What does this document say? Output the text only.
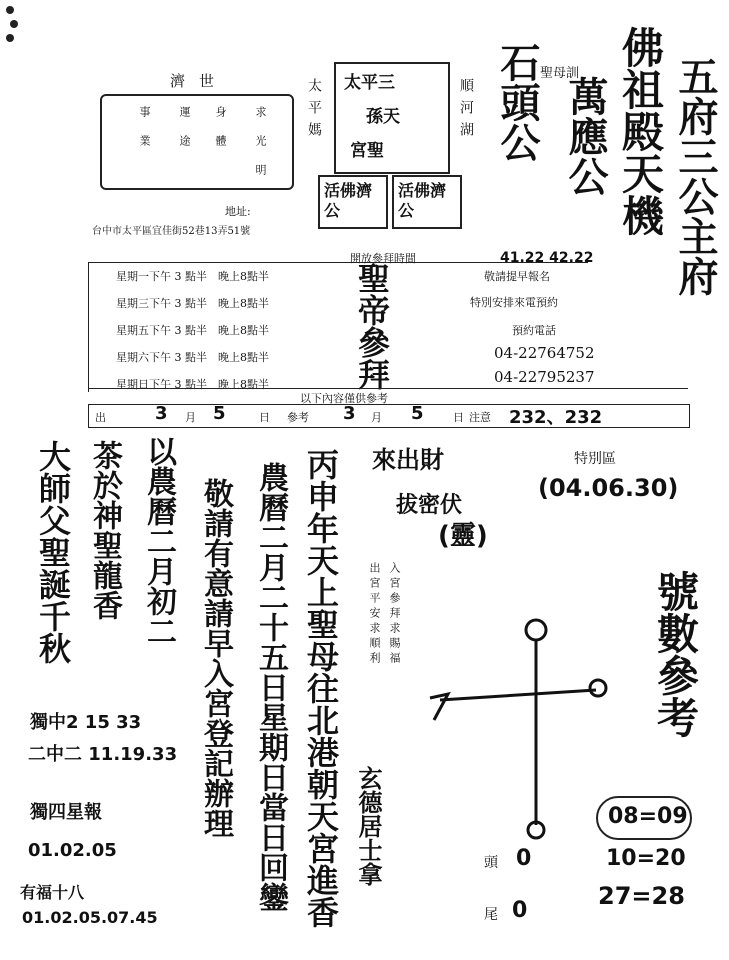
濟世
求光明
身體
運途
事業
地址:
台中市太平區宜佳街52巷13弄51號
太平媽	順河湖
太平三
孫天
宮聖
活佛濟公
活佛濟公
聖母訓 五府三公主府
佛祖殿天機
萬應公
石頭公
開放參拜時間	41.22 42.22
星期一下午 3 點半　 晚上8點半
星期三下午 3 點半　 晚上8點半
星期五下午 3 點半　 晚上8點半
星期六下午 3 點半　 晚上8點半
星期日下午 3 點半　 晚上8點半	聖帝參拜	敬請提早報名
特別安排來電預約
預約電話
04-22764752
04-22795237
以下內容僅供參考
出	3 月 5	日 參考 3 月 5	日 注意 232、232
特別區
(04.06.30)
來出財
拔密伏
(靈)
入宮參拜求賜福
出宮平安求順利
丙申年天上聖母往北港朝天宮進香
農曆二月二十五日星期日當日回鑾
敬請有意請早入宮登記辦理	玄德居士拿
以農曆二月初二
茶於神聖龍香
大師父聖誕千秋
獨中2 15 33
二中二 11.19.33
獨四星報
01.02.05
有福十八
01.02.05.07.45
號數參考
08=09
10=20
27=28
頭 0
尾 0
